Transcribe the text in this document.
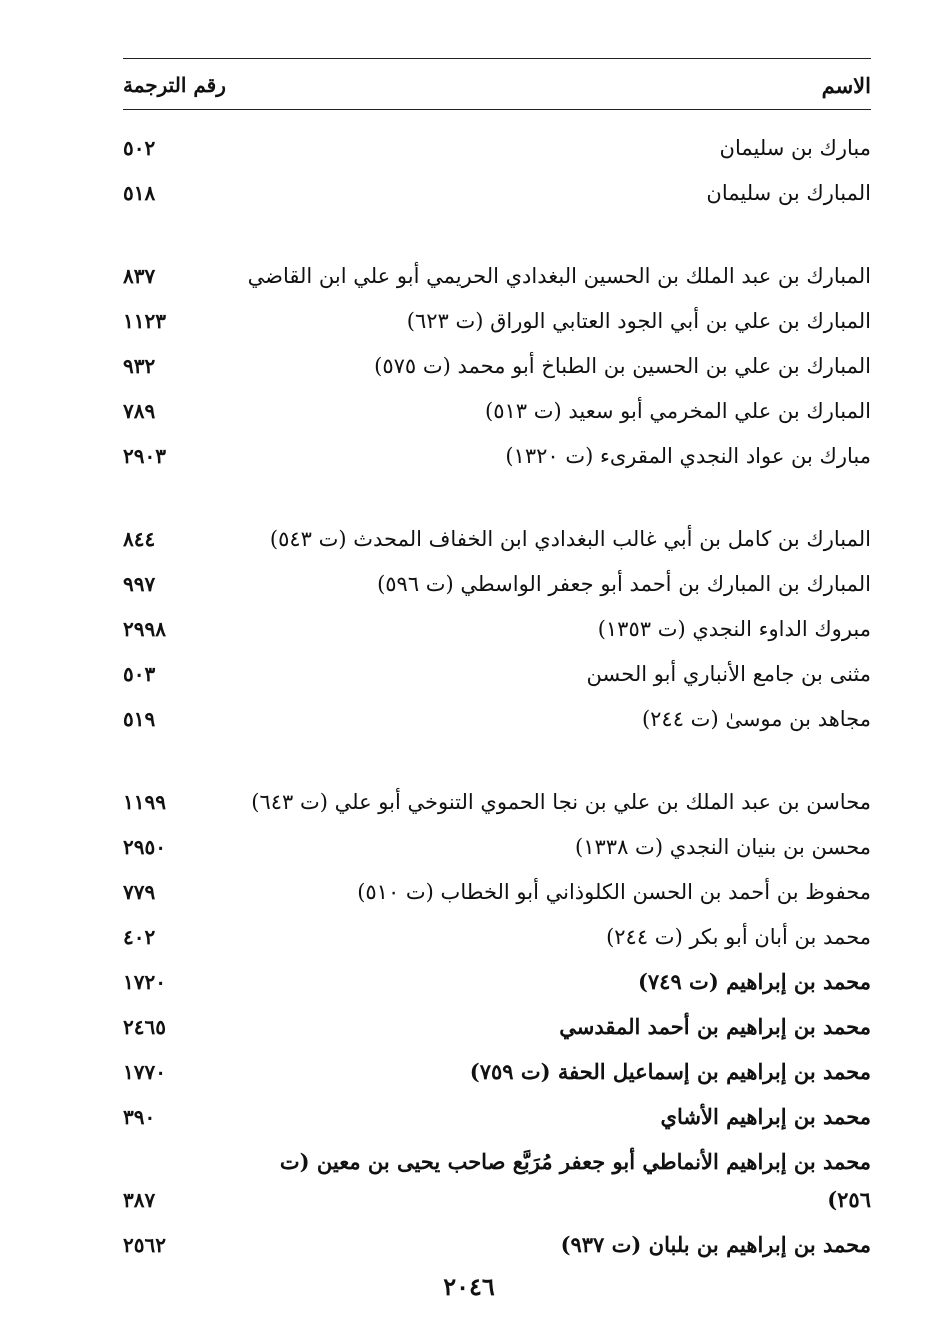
الاسم
رقم الترجمة
مبارك بن سليمان
٥٠٢
المبارك بن سليمان
٥١٨
المبارك بن عبد الملك بن الحسين البغدادي الحريمي أبو علي ابن القاضي
٨٣٧
المبارك بن علي بن أبي الجود العتابي الوراق (ت ٦٢٣)
١١٢٣
المبارك بن علي بن الحسين بن الطباخ أبو محمد (ت ٥٧٥)
٩٣٢
المبارك بن علي المخرمي أبو سعيد (ت ٥١٣)
٧٨٩
مبارك بن عواد النجدي المقرىء (ت ١٣٢٠)
٢٩٠٣
المبارك بن كامل بن أبي غالب البغدادي ابن الخفاف المحدث (ت ٥٤٣)
٨٤٤
المبارك بن المبارك بن أحمد أبو جعفر الواسطي (ت ٥٩٦)
٩٩٧
مبروك الداوء النجدي (ت ١٣٥٣)
٢٩٩٨
مثنى بن جامع الأنباري أبو الحسن
٥٠٣
مجاهد بن موسىٰ (ت ٢٤٤)
٥١٩
محاسن بن عبد الملك بن علي بن نجا الحموي التنوخي أبو علي (ت ٦٤٣)
١١٩٩
محسن بن بنيان النجدي (ت ١٣٣٨)
٢٩٥٠
محفوظ بن أحمد بن الحسن الكلوذاني أبو الخطاب (ت ٥١٠)
٧٧٩
محمد بن أبان أبو بكر (ت ٢٤٤)
٤٠٢
محمد بن إبراهيم (ت ٧٤٩)
١٧٢٠
محمد بن إبراهيم بن أحمد المقدسي
٢٤٦٥
محمد بن إبراهيم بن إسماعيل الحفة (ت ٧٥٩)
١٧٧٠
محمد بن إبراهيم الأشاي
٣٩٠
محمد بن إبراهيم الأنماطي أبو جعفر مُرَبَّع صاحب يحيى بن معين (ت ٢٥٦)
٣٨٧
محمد بن إبراهيم بن بلبان (ت ٩٣٧)
٢٥٦٢
٢٠٤٦
